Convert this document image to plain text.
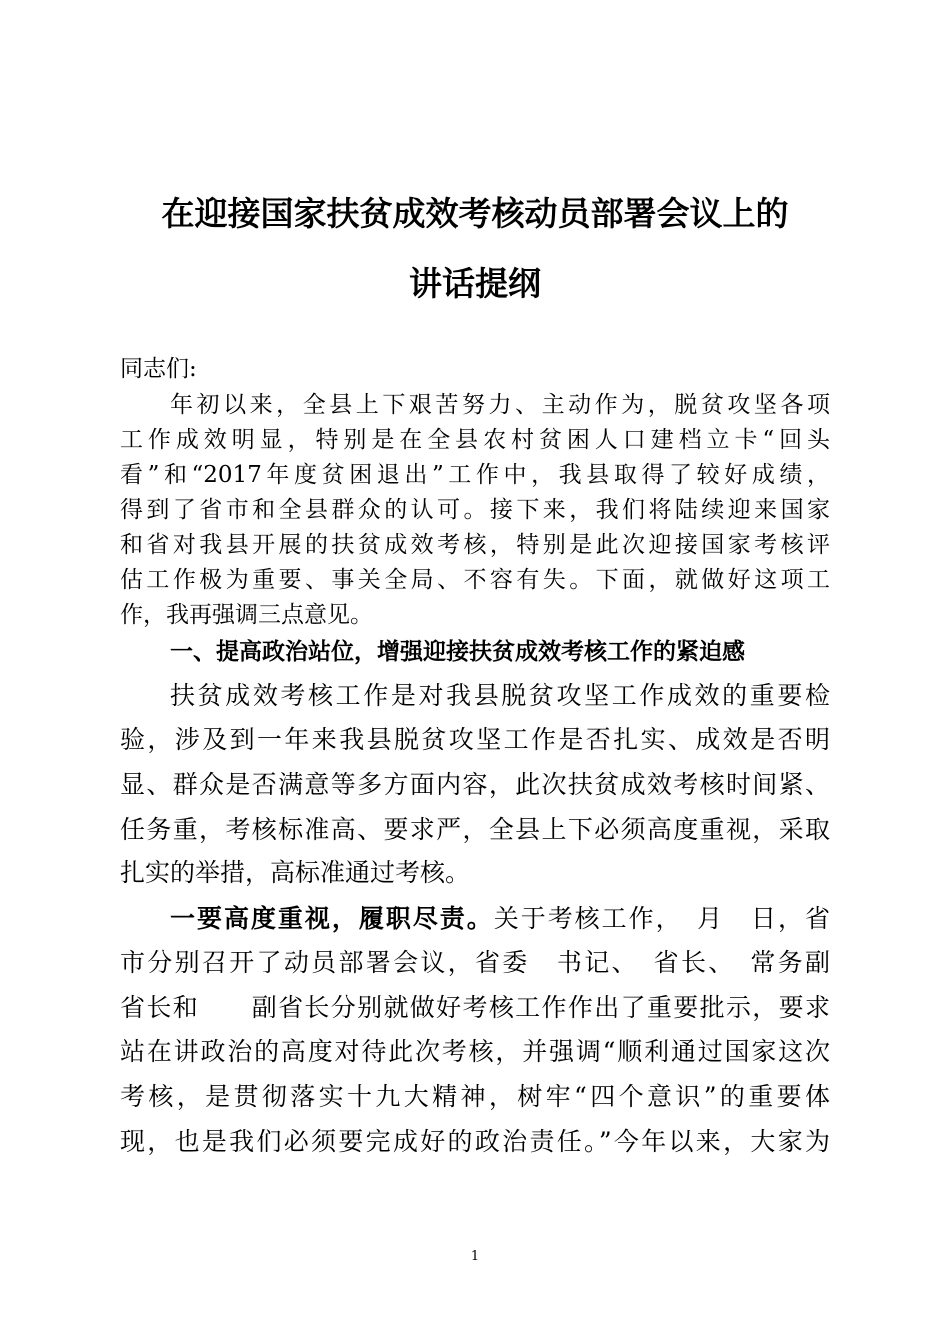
在迎接国家扶贫成效考核动员部署会议上的
讲话提纲
同志们:
年初以来，全县上下艰苦努力、主动作为，脱贫攻坚各项
工作成效明显，特别是在全县农村贫困人口建档立卡“回头
看”和“2017年度贫困退出”工作中，我县取得了较好成绩，
得到了省市和全县群众的认可。接下来，我们将陆续迎来国家
和省对我县开展的扶贫成效考核，特别是此次迎接国家考核评
估工作极为重要、事关全局、不容有失。下面，就做好这项工
作，我再强调三点意见。
一、提高政治站位，增强迎接扶贫成效考核工作的紧迫感
扶贫成效考核工作是对我县脱贫攻坚工作成效的重要检
验，涉及到一年来我县脱贫攻坚工作是否扎实、成效是否明
显、群众是否满意等多方面内容，此次扶贫成效考核时间紧、
任务重，考核标准高、要求严，全县上下必须高度重视，采取
扎实的举措，高标准通过考核。
一要高度重视，履职尽责。关于考核工作，　月　日，省
市分别召开了动员部署会议，省委　书记、　省长、　常务副
省长和　　副省长分别就做好考核工作作出了重要批示，要求
站在讲政治的高度对待此次考核，并强调“顺利通过国家这次
考核，是贯彻落实十九大精神，树牢“四个意识”的重要体
现，也是我们必须要完成好的政治责任。”今年以来，大家为
1
